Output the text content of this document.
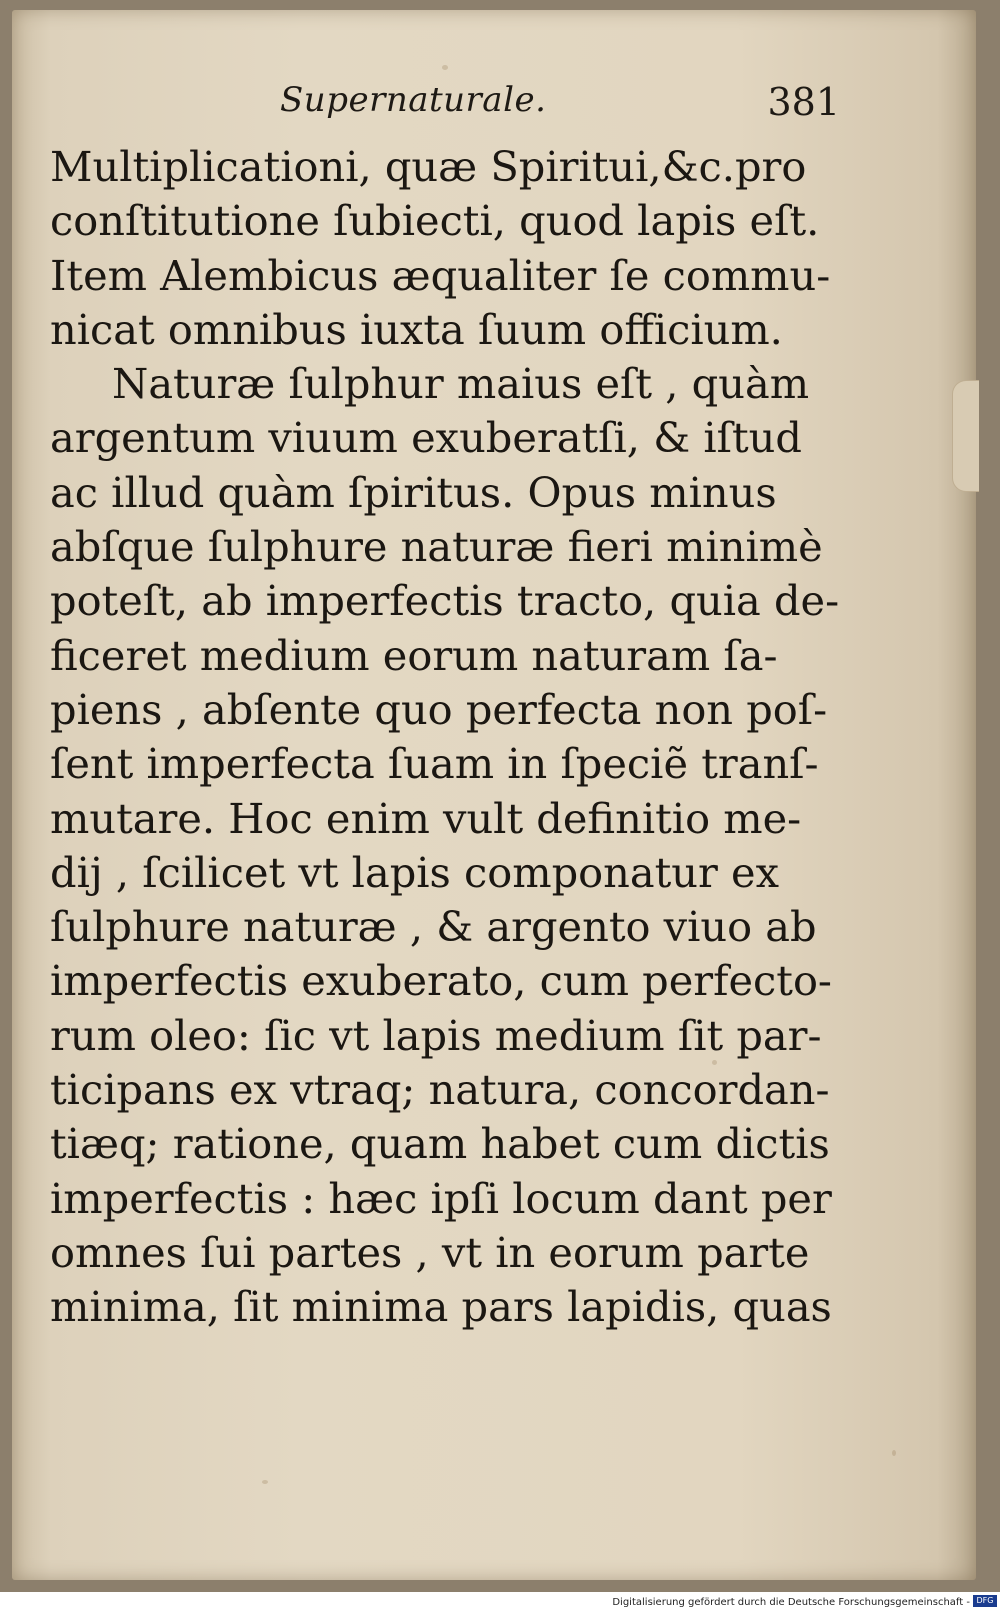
Supernaturale.	381
Multiplicationi, quæ Spiritui,&c.pro
conſtitutione ſubiecti, quod lapis eſt.
Item Alembicus æqualiter ſe commu-
nicat omnibus iuxta ſuum officium.
Naturæ ſulphur maius eſt , quàm
argentum viuum exuberatſi, & iſtud
ac illud quàm ſpiritus. Opus minus
abſque ſulphure naturæ fieri minimè
poteſt, ab imperfectis tracto, quia de-
ficeret medium eorum naturam ſa-
piens , abſente quo perfecta non poſ-
ſent imperfecta ſuam in ſpeciẽ tranſ-
mutare. Hoc enim vult definitio me-
dij , ſcilicet vt lapis componatur ex
ſulphure naturæ , & argento viuo ab
imperfectis exuberato, cum perfecto-
rum oleo: ſic vt lapis medium ſit par-
ticipans ex vtraq; natura, concordan-
tiæq; ratione, quam habet cum dictis
imperfectis : hæc ipſi locum dant per
omnes ſui partes , vt in eorum parte
minima, ſit minima pars lapidis, quas
Digitalisierung gefördert durch die Deutsche Forschungsgemeinschaft - DFG
